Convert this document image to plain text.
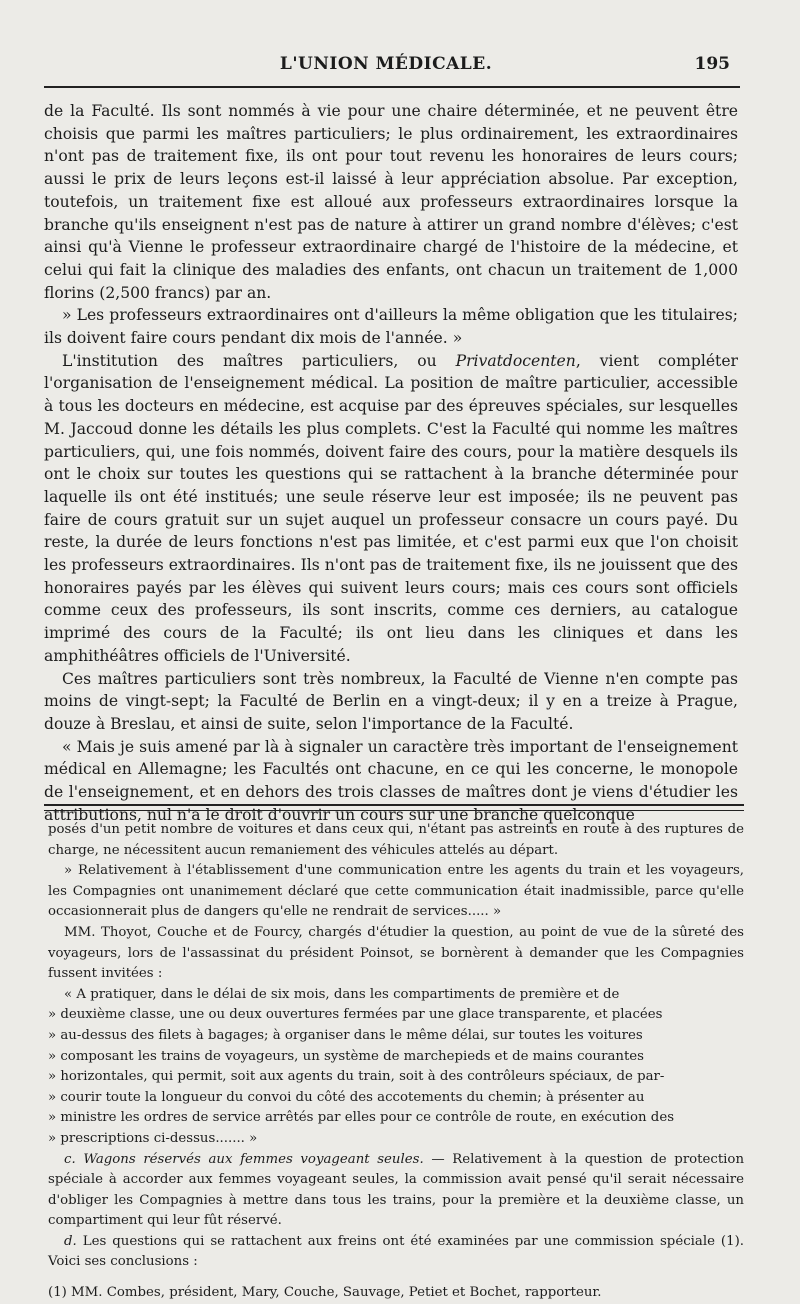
L'UNION MÉDICALE.	195

de la Faculté. Ils sont nommés à vie pour une chaire déterminée, et ne peuvent être choisis que parmi les maîtres particuliers; le plus ordinairement, les extraordinaires n'ont pas de traitement fixe, ils ont pour tout revenu les honoraires de leurs cours; aussi le prix de leurs leçons est-il laissé à leur appréciation absolue. Par exception, toutefois, un traitement fixe est alloué aux professeurs extraordinaires lorsque la branche qu'ils enseignent n'est pas de nature à attirer un grand nombre d'élèves; c'est ainsi qu'à Vienne le professeur extraordinaire chargé de l'histoire de la médecine, et celui qui fait la clinique des maladies des enfants, ont chacun un traitement de 1,000 florins (2,500 francs) par an.

» Les professeurs extraordinaires ont d'ailleurs la même obligation que les titulaires; ils doivent faire cours pendant dix mois de l'année. »

L'institution des maîtres particuliers, ou Privatdocenten, vient compléter l'organisation de l'enseignement médical. La position de maître particulier, accessible à tous les docteurs en médecine, est acquise par des épreuves spéciales, sur lesquelles M. Jaccoud donne les détails les plus complets. C'est la Faculté qui nomme les maîtres particuliers, qui, une fois nommés, doivent faire des cours, pour la matière desquels ils ont le choix sur toutes les questions qui se rattachent à la branche déterminée pour laquelle ils ont été institués; une seule réserve leur est imposée; ils ne peuvent pas faire de cours gratuit sur un sujet auquel un professeur consacre un cours payé. Du reste, la durée de leurs fonctions n'est pas limitée, et c'est parmi eux que l'on choisit les professeurs extraordinaires. Ils n'ont pas de traitement fixe, ils ne jouissent que des honoraires payés par les élèves qui suivent leurs cours; mais ces cours sont officiels comme ceux des professeurs, ils sont inscrits, comme ces derniers, au catalogue imprimé des cours de la Faculté; ils ont lieu dans les cliniques et dans les amphithéâtres officiels de l'Université.

Ces maîtres particuliers sont très nombreux, la Faculté de Vienne n'en compte pas moins de vingt-sept; la Faculté de Berlin en a vingt-deux; il y en a treize à Prague, douze à Breslau, et ainsi de suite, selon l'importance de la Faculté.

« Mais je suis amené par là à signaler un caractère très important de l'enseignement médical en Allemagne; les Facultés ont chacune, en ce qui les concerne, le monopole de l'enseignement, et en dehors des trois classes de maîtres dont je viens d'étudier les attributions, nul n'a le droit d'ouvrir un cours sur une branche quelconque

posés d'un petit nombre de voitures et dans ceux qui, n'étant pas astreints en route à des ruptures de charge, ne nécessitent aucun remaniement des véhicules attelés au départ.

» Relativement à l'établissement d'une communication entre les agents du train et les voyageurs, les Compagnies ont unanimement déclaré que cette communication était inadmissible, parce qu'elle occasionnerait plus de dangers qu'elle ne rendrait de services..... »

MM. Thoyot, Couche et de Fourcy, chargés d'étudier la question, au point de vue de la sûreté des voyageurs, lors de l'assassinat du président Poinsot, se bornèrent à demander que les Compagnies fussent invitées :

« A pratiquer, dans le délai de six mois, dans les compartiments de première et de
» deuxième classe, une ou deux ouvertures fermées par une glace transparente, et placées
» au-dessus des filets à bagages; à organiser dans le même délai, sur toutes les voitures
» composant les trains de voyageurs, un système de marchepieds et de mains courantes
» horizontales, qui permit, soit aux agents du train, soit à des contrôleurs spéciaux, de par-
» courir toute la longueur du convoi du côté des accotements du chemin; à présenter au
» ministre les ordres de service arrêtés par elles pour ce contrôle de route, en exécution des
» prescriptions ci-dessus....... »

c. Wagons réservés aux femmes voyageant seules. — Relativement à la question de protection spéciale à accorder aux femmes voyageant seules, la commission avait pensé qu'il serait nécessaire d'obliger les Compagnies à mettre dans tous les trains, pour la première et la deuxième classe, un compartiment qui leur fût réservé.

d. Les questions qui se rattachent aux freins ont été examinées par une commission spéciale (1). Voici ses conclusions :

(1) MM. Combes, président, Mary, Couche, Sauvage, Petiet et Bochet, rapporteur.
